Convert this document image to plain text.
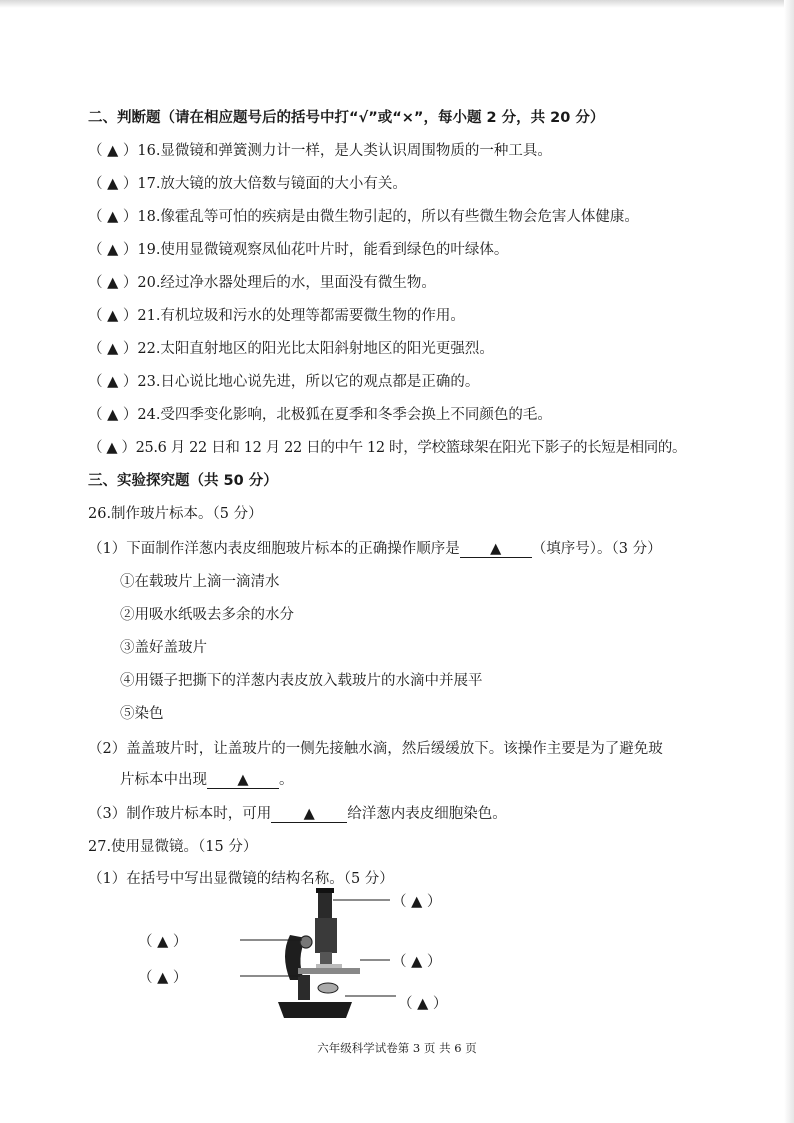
二、判断题（请在相应题号后的括号中打“√”或“×”，每小题 2 分，共 20 分）
（ ▲ ）16.显微镜和弹簧测力计一样，是人类认识周围物质的一种工具。
（ ▲ ）17.放大镜的放大倍数与镜面的大小有关。
（ ▲ ）18.像霍乱等可怕的疾病是由微生物引起的，所以有些微生物会危害人体健康。
（ ▲ ）19.使用显微镜观察凤仙花叶片时，能看到绿色的叶绿体。
（ ▲ ）20.经过净水器处理后的水，里面没有微生物。
（ ▲ ）21.有机垃圾和污水的处理等都需要微生物的作用。
（ ▲ ）22.太阳直射地区的阳光比太阳斜射地区的阳光更强烈。
（ ▲ ）23.日心说比地心说先进，所以它的观点都是正确的。
（ ▲ ）24.受四季变化影响，北极狐在夏季和冬季会换上不同颜色的毛。
（ ▲ ）25.6 月 22 日和 12 月 22 日的中午 12 时，学校篮球架在阳光下影子的长短是相同的。
三、实验探究题（共 50 分）
26.制作玻片标本。（5 分）
（1）下面制作洋葱内表皮细胞玻片标本的正确操作顺序是 ▲ （填序号）。（3 分）
①在载玻片上滴一滴清水
②用吸水纸吸去多余的水分
③盖好盖玻片
④用镊子把撕下的洋葱内表皮放入载玻片的水滴中并展平
⑤染色
（2）盖盖玻片时，让盖玻片的一侧先接触水滴，然后缓缓放下。该操作主要是为了避免玻
片标本中出现 ▲ 。
（3）制作玻片标本时，可用 ▲ 给洋葱内表皮细胞染色。
27.使用显微镜。（15 分）
（1）在括号中写出显微镜的结构名称。（5 分）
（ ▲ ）
（ ▲ ）
（ ▲ ）
（ ▲ ）
（ ▲ ）
六年级科学试卷第 3 页 共 6 页
